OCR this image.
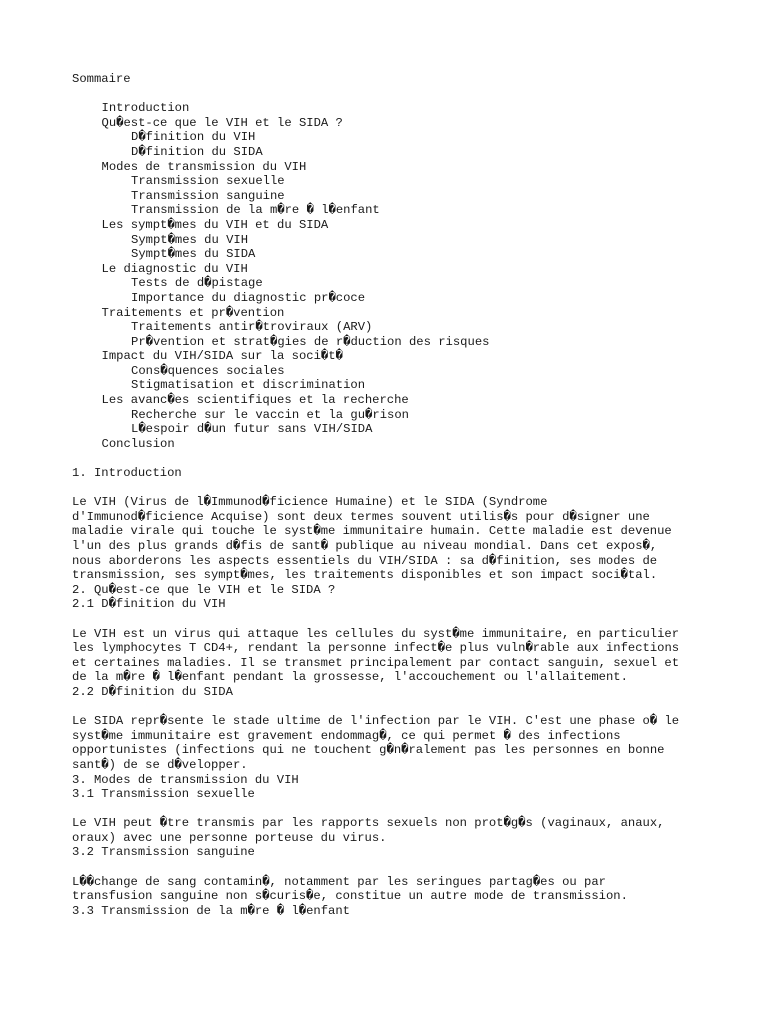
Sommaire
Introduction
Qu�est-ce que le VIH et le SIDA ?
D�finition du VIH
D�finition du SIDA
Modes de transmission du VIH
Transmission sexuelle
Transmission sanguine
Transmission de la m�re � l�enfant
Les sympt�mes du VIH et du SIDA
Sympt�mes du VIH
Sympt�mes du SIDA
Le diagnostic du VIH
Tests de d�pistage
Importance du diagnostic pr�coce
Traitements et pr�vention
Traitements antir�troviraux (ARV)
Pr�vention et strat�gies de r�duction des risques
Impact du VIH/SIDA sur la soci�t�
Cons�quences sociales
Stigmatisation et discrimination
Les avanc�es scientifiques et la recherche
Recherche sur le vaccin et la gu�rison
L�espoir d�un futur sans VIH/SIDA
Conclusion
1. Introduction
Le VIH (Virus de l�Immunod�ficience Humaine) et le SIDA (Syndrome
d'Immunod�ficience Acquise) sont deux termes souvent utilis�s pour d�signer une
maladie virale qui touche le syst�me immunitaire humain. Cette maladie est devenue
l'un des plus grands d�fis de sant� publique au niveau mondial. Dans cet expos�,
nous aborderons les aspects essentiels du VIH/SIDA : sa d�finition, ses modes de
transmission, ses sympt�mes, les traitements disponibles et son impact soci�tal.
2. Qu�est-ce que le VIH et le SIDA ?
2.1 D�finition du VIH
Le VIH est un virus qui attaque les cellules du syst�me immunitaire, en particulier
les lymphocytes T CD4+, rendant la personne infect�e plus vuln�rable aux infections
et certaines maladies. Il se transmet principalement par contact sanguin, sexuel et
de la m�re � l�enfant pendant la grossesse, l'accouchement ou l'allaitement.
2.2 D�finition du SIDA
Le SIDA repr�sente le stade ultime de l'infection par le VIH. C'est une phase o� le
syst�me immunitaire est gravement endommag�, ce qui permet � des infections
opportunistes (infections qui ne touchent g�n�ralement pas les personnes en bonne
sant�) de se d�velopper.
3. Modes de transmission du VIH
3.1 Transmission sexuelle
Le VIH peut �tre transmis par les rapports sexuels non prot�g�s (vaginaux, anaux,
oraux) avec une personne porteuse du virus.
3.2 Transmission sanguine
L��change de sang contamin�, notamment par les seringues partag�es ou par
transfusion sanguine non s�curis�e, constitue un autre mode de transmission.
3.3 Transmission de la m�re � l�enfant
